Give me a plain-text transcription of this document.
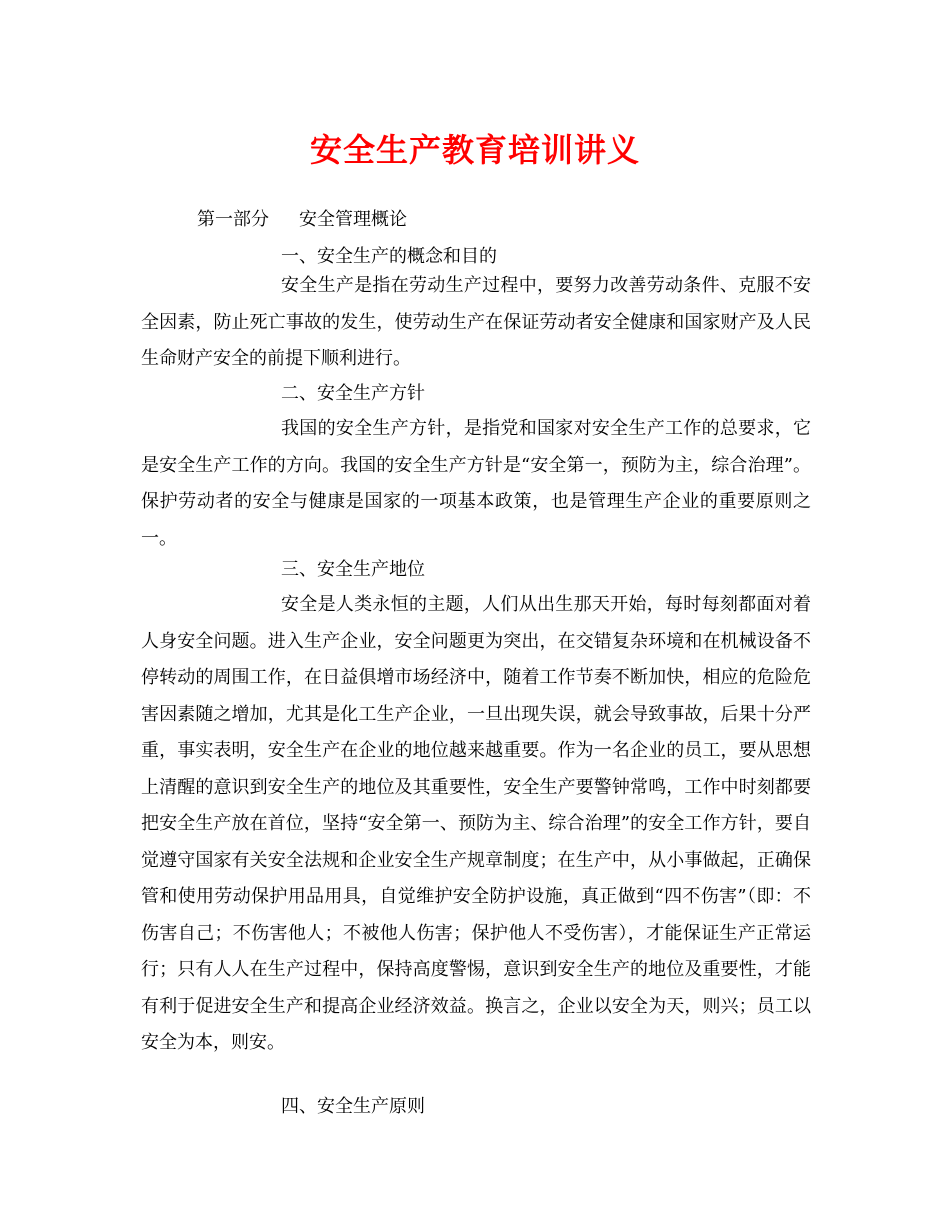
安全生产教育培训讲义
第一部分 安全管理概论
一、安全生产的概念和目的

安全生产是指在劳动生产过程中，要努力改善劳动条件、克服不安全因素，防止死亡事故的发生，使劳动生产在保证劳动者安全健康和国家财产及人民生命财产安全的前提下顺利进行。

二、安全生产方针

我国的安全生产方针，是指党和国家对安全生产工作的总要求，它是安全生产工作的方向。我国的安全生产方针是“安全第一，预防为主，综合治理”。保护劳动者的安全与健康是国家的一项基本政策，也是管理生产企业的重要原则之一。

三、安全生产地位

安全是人类永恒的主题，人们从出生那天开始，每时每刻都面对着人身安全问题。进入生产企业，安全问题更为突出，在交错复杂环境和在机械设备不停转动的周围工作，在日益俱增市场经济中，随着工作节奏不断加快，相应的危险危害因素随之增加，尤其是化工生产企业，一旦出现失误，就会导致事故，后果十分严重，事实表明，安全生产在企业的地位越来越重要。作为一名企业的员工，要从思想上清醒的意识到安全生产的地位及其重要性，安全生产要警钟常鸣，工作中时刻都要把安全生产放在首位，坚持“安全第一、预防为主、综合治理”的安全工作方针，要自觉遵守国家有关安全法规和企业安全生产规章制度；在生产中，从小事做起，正确保管和使用劳动保护用品用具，自觉维护安全防护设施，真正做到“四不伤害”（即：不伤害自己；不伤害他人；不被他人伤害；保护他人不受伤害），才能保证生产正常运行；只有人人在生产过程中，保持高度警惕，意识到安全生产的地位及重要性，才能有利于促进安全生产和提高企业经济效益。换言之，企业以安全为天，则兴；员工以安全为本，则安。

四、安全生产原则
